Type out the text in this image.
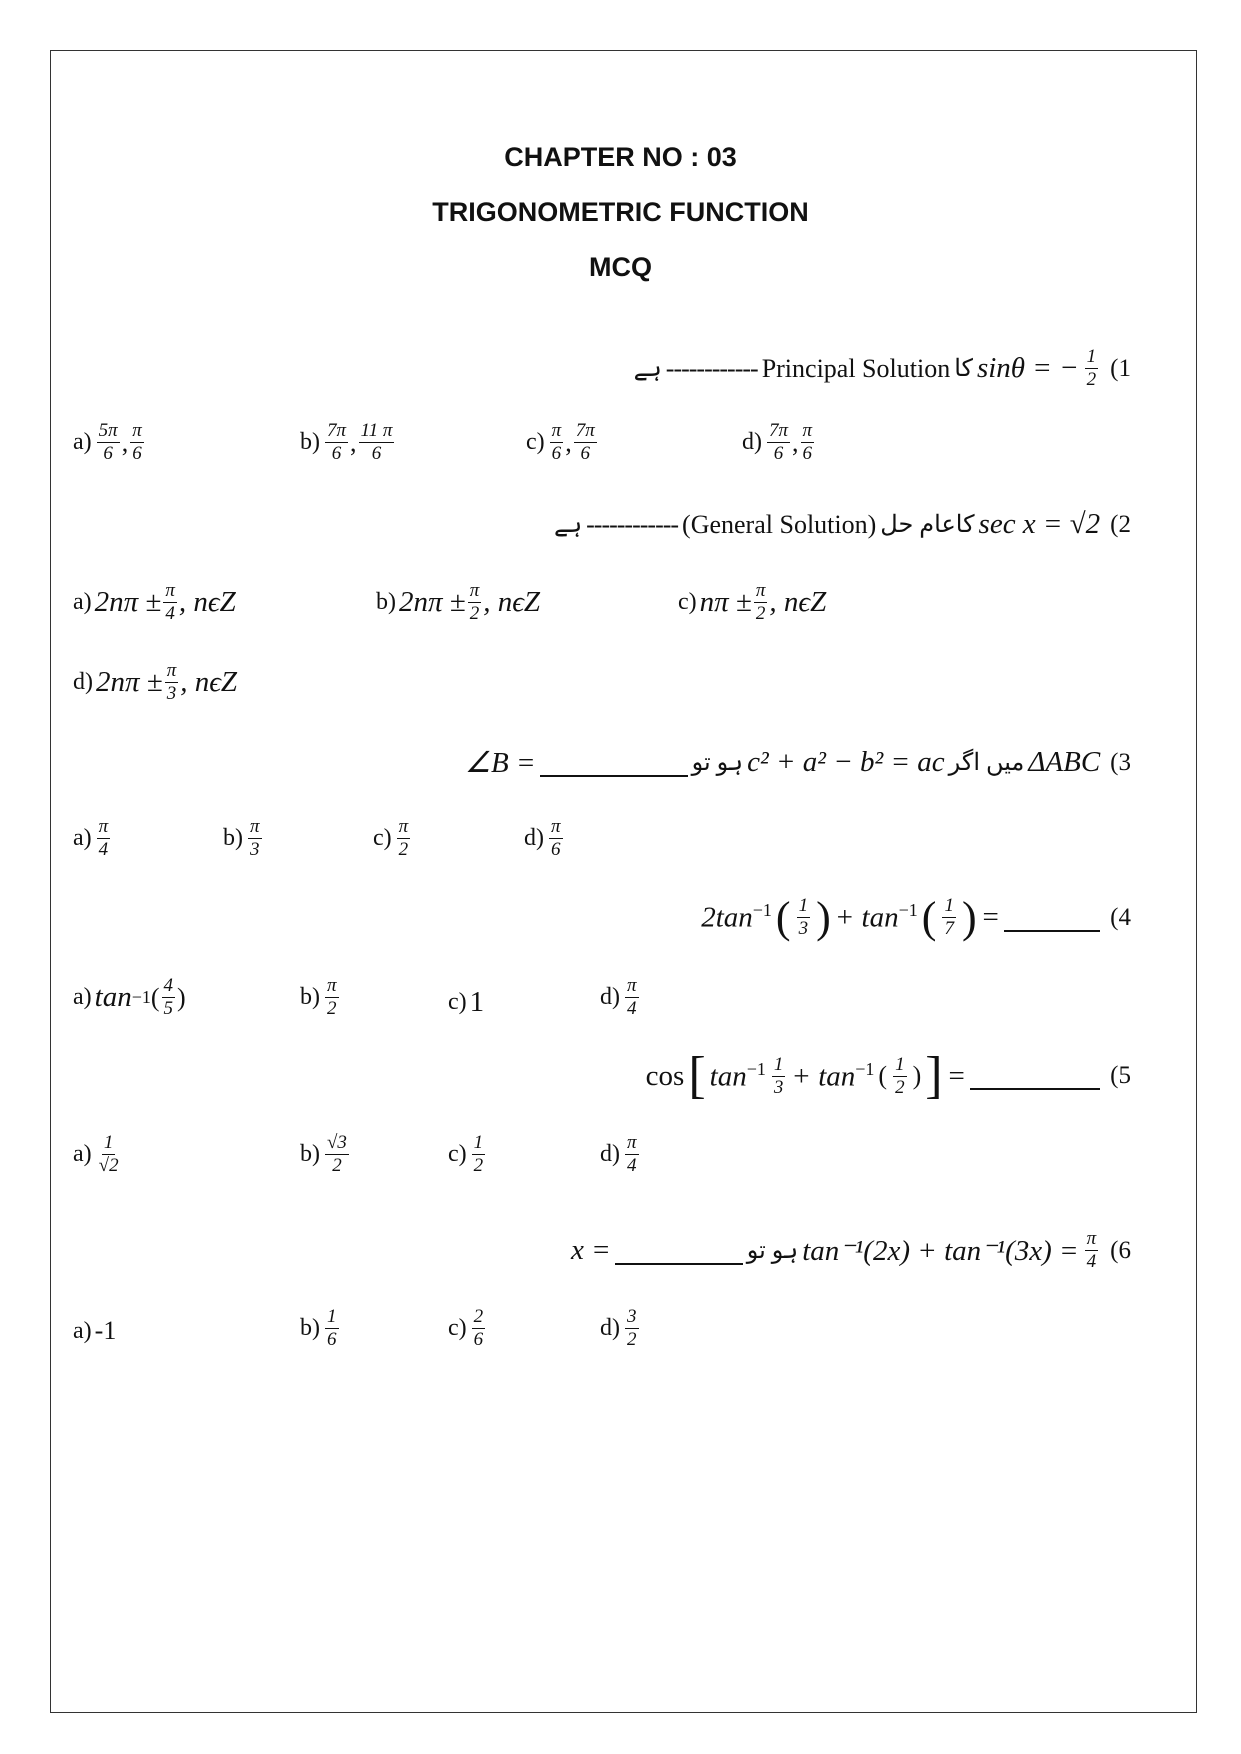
CHAPTER NO : 03
TRIGONOMETRIC FUNCTION
MCQ
ہے ------------ Principal Solution کا sinθ = − $\frac{1}{2} (1$
$a) \frac{5\pi}{6}$ , $\frac{\pi}{6}$	$b) \frac{7\pi}{6}$ , $\frac{11 \pi}{6}$	$c) \frac{\pi}{6}$ , $\frac{7\pi}{6}$	$d) \frac{7\pi}{6}$ , $\frac{\pi}{6}$
ہے ------------ (General Solution) کاعام حل sec x = √2 (2
a) $2n\pi \pm \frac{\pi}{4}$ , nϵZ	b) $2n\pi \pm \frac{\pi}{2}$ , nϵZ	c) $n\pi \pm \frac{\pi}{2}$ , nϵZ
d) $2n\pi \pm \frac{\pi}{3}$ , nϵZ
∠B =	ہو تو c² + a² − b² = ac میں اگر ΔABC (3
$a) \frac{\pi}{4}$	$b) \frac{\pi}{3}$	$c) \frac{\pi}{2}$	$d) \frac{\pi}{6}$
$2\tan^{-1}$ ( $\frac{1}{3}$ ) + $\tan^{-1}$ ( $\frac{1}{7}$ ) =	(4
a) tan −1 ( $\frac{4}{5}$ )	$b) \frac{\pi}{2}$	c) 1	$d) \frac{\pi}{4}$
cos [ $\tan^{-1} \frac{1}{3} + \tan^{-1}$ ( $\frac{1}{2}$ ) ] =	(5
$a) \frac{1}{√2}$	$b) \frac{√3}{2}$	$c) \frac{1}{2}$	$d) \frac{\pi}{4}$
x =	ہو تو $\tan^{-1}(2x) + \tan^{-1}(3x) = \frac{\pi}{4} (6$
a) -1	$b) \frac{1}{6}$	$c) \frac{2}{6}$	$d) \frac{3}{2}$
